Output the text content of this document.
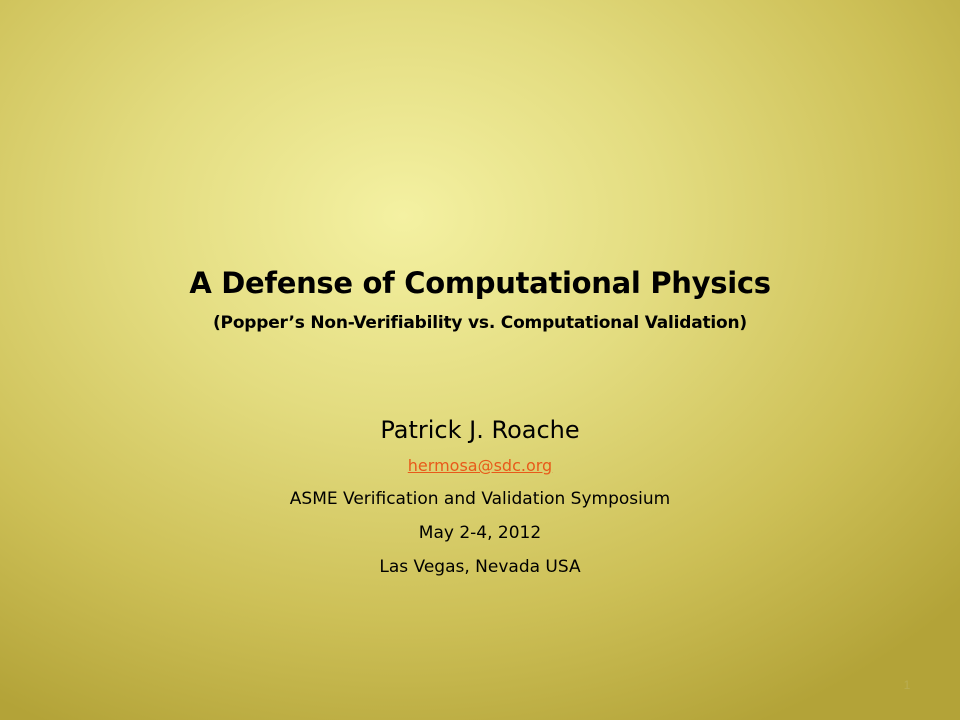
A Defense of Computational Physics

(Popper’s Non-Verifiability vs. Computational Validation)

Patrick J. Roache

hermosa@sdc.org

ASME Verification and Validation Symposium

May 2-4, 2012

Las Vegas, Nevada USA

1
